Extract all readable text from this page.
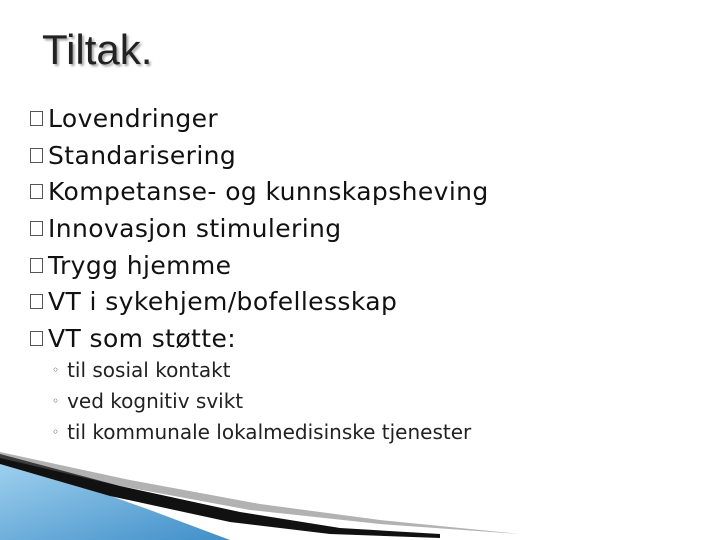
Tiltak.
Lovendringer
Standarisering
Kompetanse- og kunnskapsheving
Innovasjon stimulering
Trygg hjemme
VT i sykehjem/bofellesskap
VT som støtte:
◦ til sosial kontakt
◦ ved kognitiv svikt
◦ til kommunale lokalmedisinske tjenester
